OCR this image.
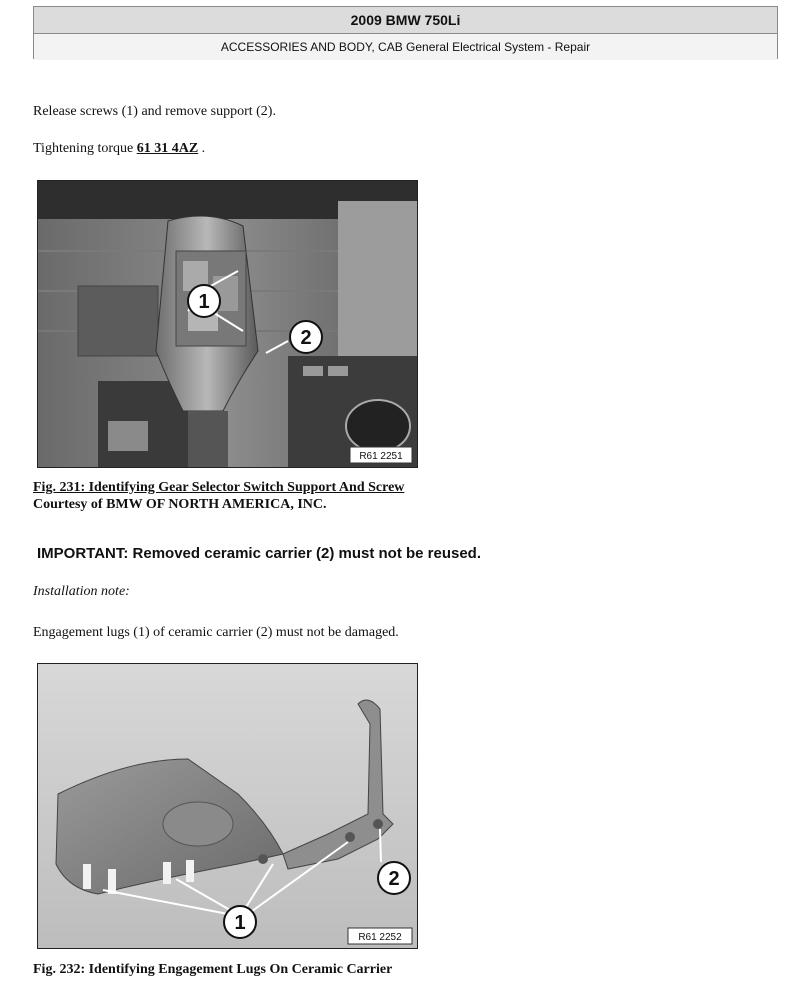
2009 BMW 750Li
ACCESSORIES AND BODY, CAB General Electrical System - Repair
Release screws (1) and remove support (2).
Tightening torque 61 31 4AZ .
R61 2251
1
2
Fig. 231: Identifying Gear Selector Switch Support And Screw
Courtesy of BMW OF NORTH AMERICA, INC.
IMPORTANT: Removed ceramic carrier (2) must not be reused.
Installation note:
Engagement lugs (1) of ceramic carrier (2) must not be damaged.
R61 2252
1
2
Fig. 232: Identifying Engagement Lugs On Ceramic Carrier
